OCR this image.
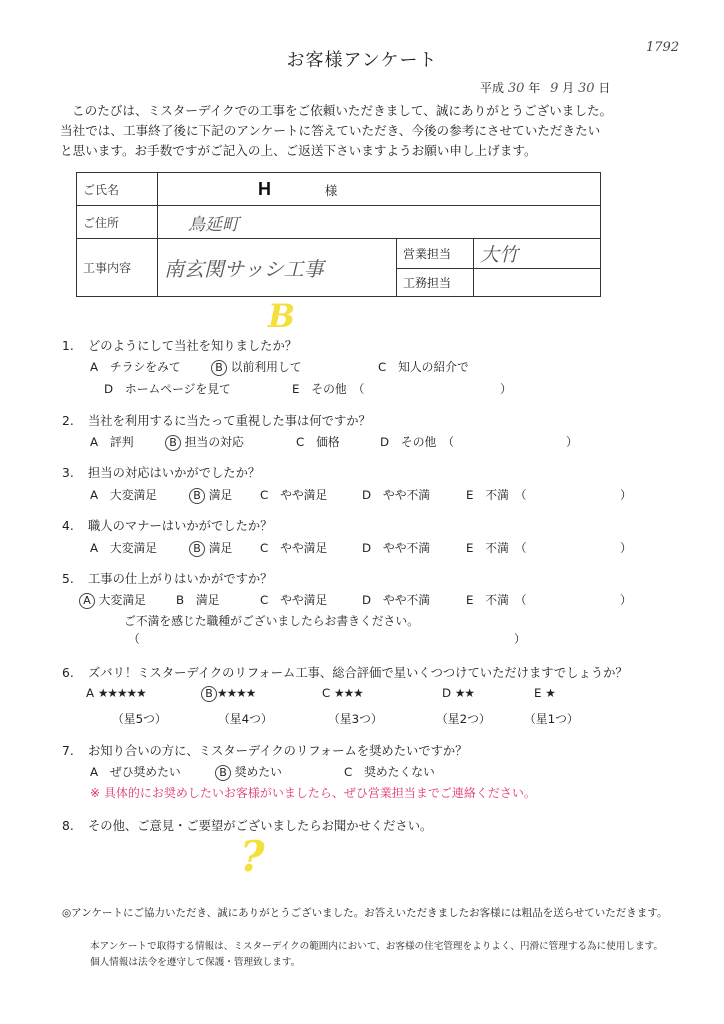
お客様アンケート
1792
平成 30 年 9 月 30 日
このたびは、ミスターデイクでの工事をご依頼いただきまして、誠にありがとうございました。
当社では、工事終了後に下記のアンケートに答えていただき、今後の参考にさせていただきたい
と思います。お手数ですがご記入の上、ご返送下さいますようお願い申し上げます。
ご氏名	H 様		
ご住所	鳥延町		
工事内容	南玄関サッシ工事	営業担当	大竹
		工務担当	
B
1. どのようにして当社を知りましたか？
A　 チラシをみて	B 以前利用して	C　 知人の紹介で
D　 ホームページを見て	E　 その他　（	）
2. 当社を利用するに当たって重視した事は何ですか？
A　 評判	B 担当の対応	C　 価格	D　 その他　（	）
3. 担当の対応はいかがでしたか？
A　 大変満足	B 満足 C　 やや満足	D　 やや不満	E　 不満　（	）
4. 職人のマナーはいかがでしたか？
A　 大変満足	B 満足 C　 やや満足	D　 やや不満	E　 不満　（	）
5. 工事の仕上がりはいかがですか？
A 大変満足	B　 満足	C　 やや満足	D　 やや不満	E　 不満　（	）
ご不満を感じた職種がございましたらお書きください。
（	）
6. ズバリ！ミスターデイクのリフォーム工事、総合評価で星いくつつけていただけますでしょうか？
A ★★★★★	B ★★★★	C ★★★	D ★★	E ★
（星5つ）	（星4つ）	（星3つ）	（星2つ）	（星1つ）
7. お知り合いの方に、ミスターデイクのリフォームを奨めたいですか？
A　 ぜひ奨めたい	B 奨めたい	C　 奨めたくない
※ 具体的にお奨めしたいお客様がいましたら、ぜひ営業担当までご連絡ください。
8. その他、ご意見・ご要望がございましたらお聞かせください。
?
◎アンケートにご協力いただき、誠にありがとうございました。お答えいただきましたお客様には粗品を送らせていただきます。
本アンケートで取得する情報は、ミスターデイクの範囲内において、お客様の住宅管理をよりよく、円滑に管理する為に使用します。
個人情報は法令を遵守して保護・管理致します。
